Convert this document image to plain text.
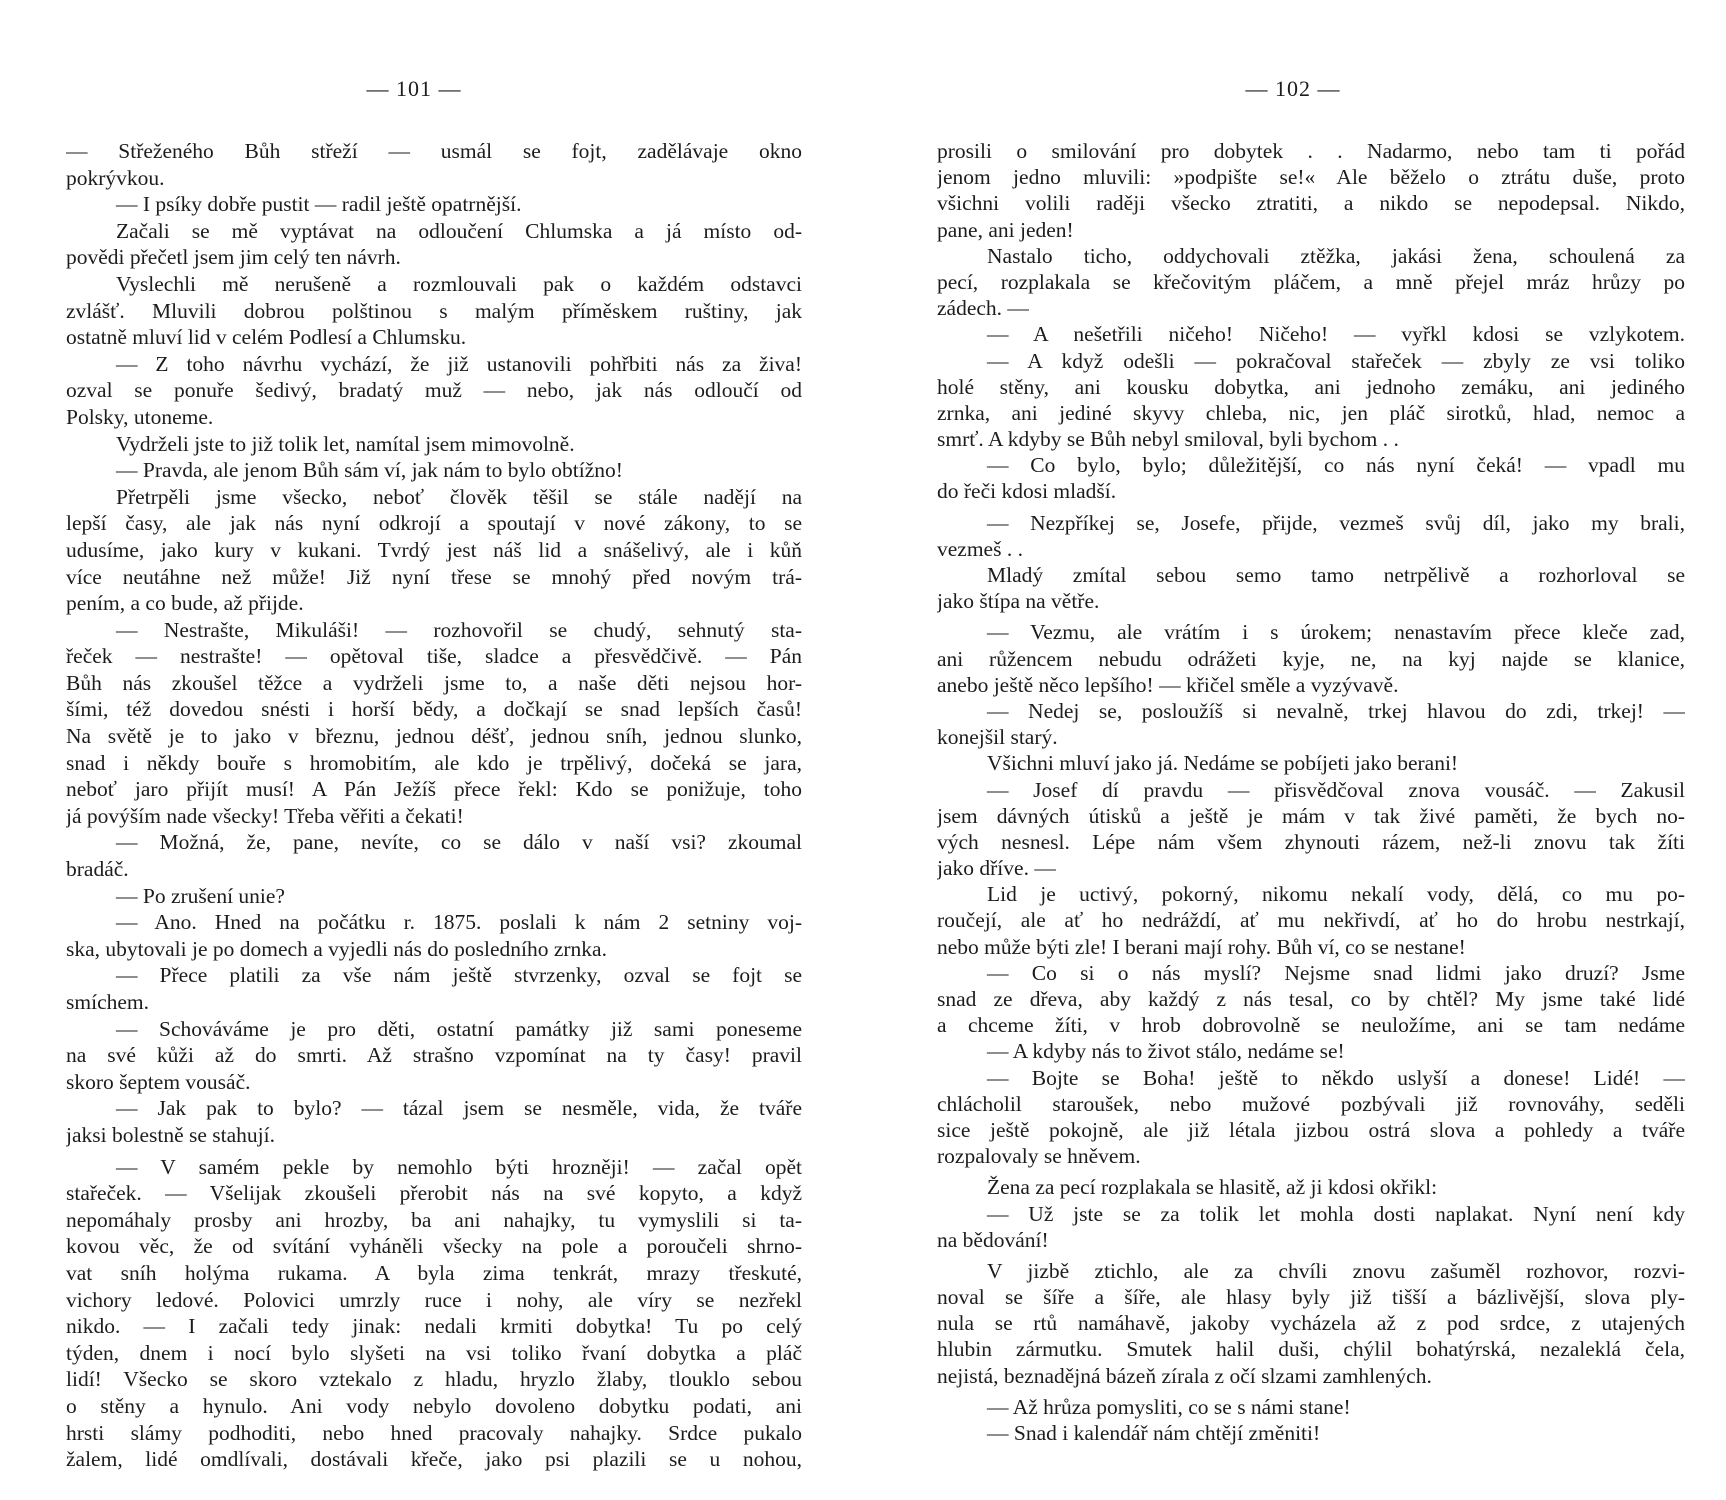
— 101 —
— Střeženého Bůh střeží — usmál se fojt, zadělávaje okno
pokrývkou.
— I psíky dobře pustit — radil ještě opatrnější.
Začali se mě vyptávat na odloučení Chlumska a já místo od-
povědi přečetl jsem jim celý ten návrh.
Vyslechli mě nerušeně a rozmlouvali pak o každém odstavci
zvlášť. Mluvili dobrou polštinou s malým příměskem ruštiny, jak
ostatně mluví lid v celém Podlesí a Chlumsku.
— Z toho návrhu vychází, že již ustanovili pohřbiti nás za živa!
ozval se ponuře šedivý, bradatý muž — nebo, jak nás odloučí od
Polsky, utoneme.
Vydrželi jste to již tolik let, namítal jsem mimovolně.
— Pravda, ale jenom Bůh sám ví, jak nám to bylo obtížno!
Přetrpěli jsme všecko, neboť člověk těšil se stále nadějí na
lepší časy, ale jak nás nyní odkrojí a spoutají v nové zákony, to se
udusíme, jako kury v kukani. Tvrdý jest náš lid a snášelivý, ale i kůň
více neutáhne než může! Již nyní třese se mnohý před novým trá-
pením, a co bude, až přijde.
— Nestrašte, Mikuláši! — rozhovořil se chudý, sehnutý sta-
řeček — nestrašte! — opětoval tiše, sladce a přesvědčivě. — Pán
Bůh nás zkoušel těžce a vydrželi jsme to, a naše děti nejsou hor-
šími, též dovedou snésti i horší bědy, a dočkají se snad lepších časů!
Na světě je to jako v březnu, jednou déšť, jednou sníh, jednou slunko,
snad i někdy bouře s hromobitím, ale kdo je trpělivý, dočeká se jara,
neboť jaro přijít musí! A Pán Ježíš přece řekl: Kdo se ponižuje, toho
já povýším nade všecky! Třeba věřiti a čekati!
— Možná, že, pane, nevíte, co se dálo v naší vsi? zkoumal
bradáč.
— Po zrušení unie?
— Ano. Hned na počátku r. 1875. poslali k nám 2 setniny voj-
ska, ubytovali je po domech a vyjedli nás do posledního zrnka.
— Přece platili za vše nám ještě stvrzenky, ozval se fojt se
smíchem.
— Schováváme je pro děti, ostatní památky již sami poneseme
na své kůži až do smrti. Až strašno vzpomínat na ty časy! pravil
skoro šeptem vousáč.
— Jak pak to bylo? — tázal jsem se nesměle, vida, že tváře
jaksi bolestně se stahují.
— V samém pekle by nemohlo býti hrozněji! — začal opět
stařeček. — Všelijak zkoušeli přerobit nás na své kopyto, a když
nepomáhaly prosby ani hrozby, ba ani nahajky, tu vymyslili si ta-
kovou věc, že od svítání vyháněli všecky na pole a poroučeli shrno-
vat sníh holýma rukama. A byla zima tenkrát, mrazy třeskuté,
vichory ledové. Polovici umrzly ruce i nohy, ale víry se nezřekl
nikdo. — I začali tedy jinak: nedali krmiti dobytka! Tu po celý
týden, dnem i nocí bylo slyšeti na vsi toliko řvaní dobytka a pláč
lidí! Všecko se skoro vztekalo z hladu, hryzlo žlaby, tlouklo sebou
o stěny a hynulo. Ani vody nebylo dovoleno dobytku podati, ani
hrsti slámy podhoditi, nebo hned pracovaly nahajky. Srdce pukalo
žalem, lidé omdlívali, dostávali křeče, jako psi plazili se u nohou,
— 102 —
prosili o smilování pro dobytek . . Nadarmo, nebo tam ti pořád
jenom jedno mluvili: »podpište se!« Ale běželo o ztrátu duše, proto
všichni volili raději všecko ztratiti, a nikdo se nepodepsal. Nikdo,
pane, ani jeden!
Nastalo ticho, oddychovali ztěžka, jakási žena, schoulená za
pecí, rozplakala se křečovitým pláčem, a mně přejel mráz hrůzy po
zádech. —
— A nešetřili ničeho! Ničeho! — vyřkl kdosi se vzlykotem.
— A když odešli — pokračoval stařeček — zbyly ze vsi toliko
holé stěny, ani kousku dobytka, ani jednoho zemáku, ani jediného
zrnka, ani jediné skyvy chleba, nic, jen pláč sirotků, hlad, nemoc a
smrť. A kdyby se Bůh nebyl smiloval, byli bychom . .
— Co bylo, bylo; důležitější, co nás nyní čeká! — vpadl mu
do řeči kdosi mladší.
— Nezpříkej se, Josefe, přijde, vezmeš svůj díl, jako my brali,
vezmeš . .
Mladý zmítal sebou semo tamo netrpělivě a rozhorloval se
jako štípa na větře.
— Vezmu, ale vrátím i s úrokem; nenastavím přece kleče zad,
ani růžencem nebudu odrážeti kyje, ne, na kyj najde se klanice,
anebo ještě něco lepšího! — křičel směle a vyzývavě.
— Nedej se, posloužíš si nevalně, trkej hlavou do zdi, trkej! —
konejšil starý.
Všichni mluví jako já. Nedáme se pobíjeti jako berani!
— Josef dí pravdu — přisvědčoval znova vousáč. — Zakusil
jsem dávných útisků a ještě je mám v tak živé paměti, že bych no-
vých nesnesl. Lépe nám všem zhynouti rázem, než-li znovu tak žíti
jako dříve. —
Lid je uctivý, pokorný, nikomu nekalí vody, dělá, co mu po-
roučejí, ale ať ho nedráždí, ať mu nekřivdí, ať ho do hrobu nestrkají,
nebo může býti zle! I berani mají rohy. Bůh ví, co se nestane!
— Co si o nás myslí? Nejsme snad lidmi jako druzí? Jsme
snad ze dřeva, aby každý z nás tesal, co by chtěl? My jsme také lidé
a chceme žíti, v hrob dobrovolně se neuložíme, ani se tam nedáme
— A kdyby nás to život stálo, nedáme se!
— Bojte se Boha! ještě to někdo uslyší a donese! Lidé! —
chlácholil staroušek, nebo mužové pozbývali již rovnováhy, seděli
sice ještě pokojně, ale již létala jizbou ostrá slova a pohledy a tváře
rozpalovaly se hněvem.
Žena za pecí rozplakala se hlasitě, až ji kdosi okřikl:
— Už jste se za tolik let mohla dosti naplakat. Nyní není kdy
na bědování!
V jizbě ztichlo, ale za chvíli znovu zašuměl rozhovor, rozvi-
noval se šíře a šíře, ale hlasy byly již tišší a bázlivější, slova ply-
nula se rtů namáhavě, jakoby vycházela až z pod srdce, z utajených
hlubin zármutku. Smutek halil duši, chýlil bohatýrská, nezaleklá čela,
nejistá, beznadějná bázeň zírala z očí slzami zamhlených.
— Až hrůza pomysliti, co se s námi stane!
— Snad i kalendář nám chtějí změniti!
